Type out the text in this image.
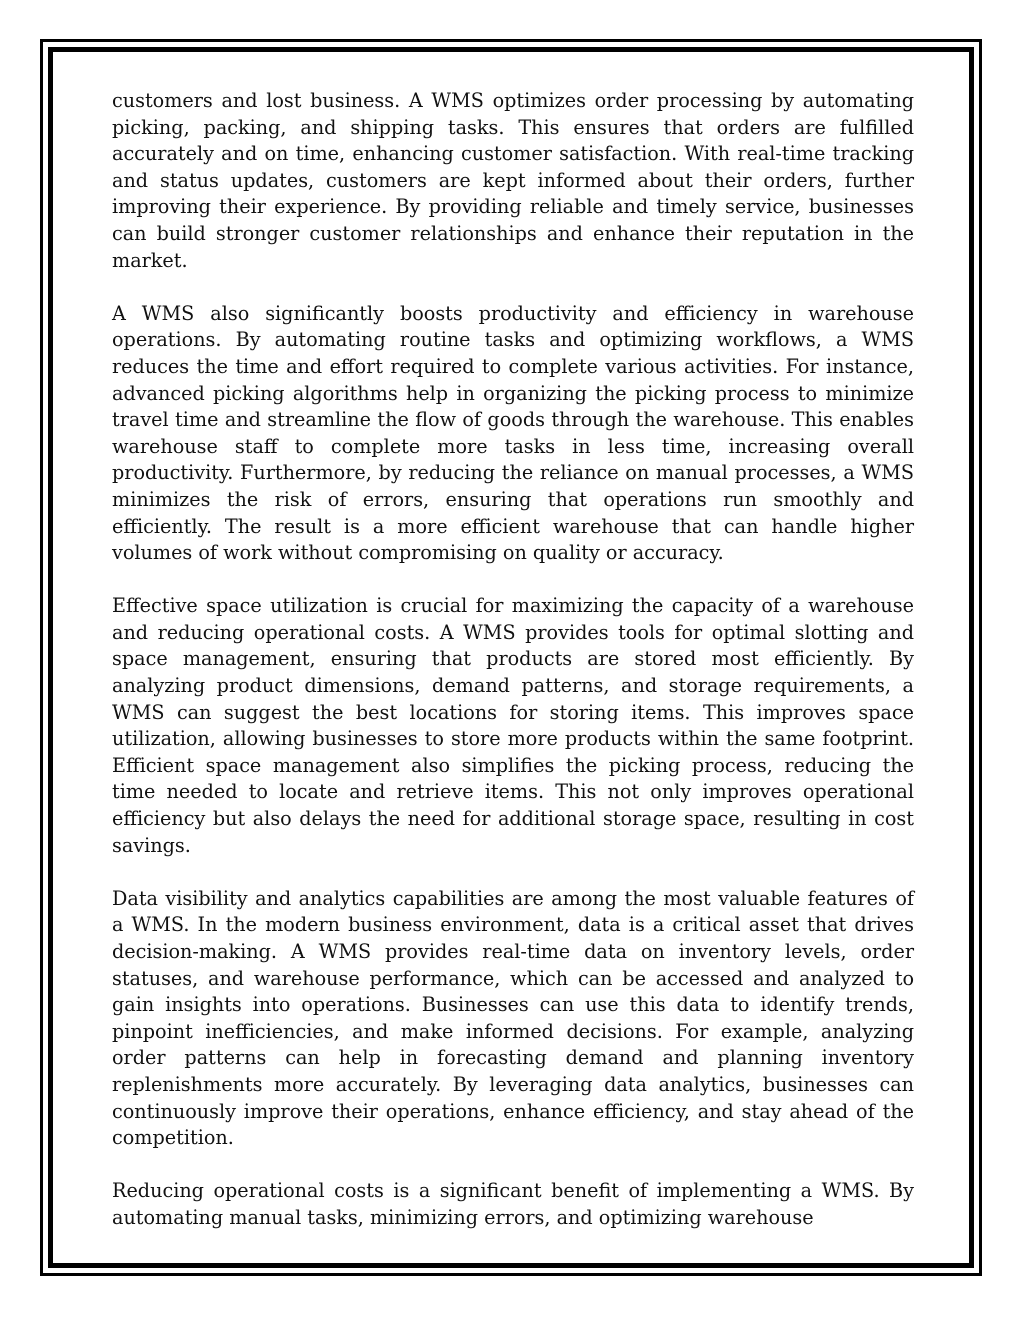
customers and lost business. A WMS optimizes order processing by automating picking, packing, and shipping tasks. This ensures that orders are fulfilled accurately and on time, enhancing customer satisfaction. With real-time tracking and status updates, customers are kept informed about their orders, further improving their experience. By providing reliable and timely service, businesses can build stronger customer relationships and enhance their reputation in the market.

A WMS also significantly boosts productivity and efficiency in warehouse operations. By automating routine tasks and optimizing workflows, a WMS reduces the time and effort required to complete various activities. For instance, advanced picking algorithms help in organizing the picking process to minimize travel time and streamline the flow of goods through the warehouse. This enables warehouse staff to complete more tasks in less time, increasing overall productivity. Furthermore, by reducing the reliance on manual processes, a WMS minimizes the risk of errors, ensuring that operations run smoothly and efficiently. The result is a more efficient warehouse that can handle higher volumes of work without compromising on quality or accuracy.

Effective space utilization is crucial for maximizing the capacity of a warehouse and reducing operational costs. A WMS provides tools for optimal slotting and space management, ensuring that products are stored most efficiently. By analyzing product dimensions, demand patterns, and storage requirements, a WMS can suggest the best locations for storing items. This improves space utilization, allowing businesses to store more products within the same footprint. Efficient space management also simplifies the picking process, reducing the time needed to locate and retrieve items. This not only improves operational efficiency but also delays the need for additional storage space, resulting in cost savings.

Data visibility and analytics capabilities are among the most valuable features of a WMS. In the modern business environment, data is a critical asset that drives decision-making. A WMS provides real-time data on inventory levels, order statuses, and warehouse performance, which can be accessed and analyzed to gain insights into operations. Businesses can use this data to identify trends, pinpoint inefficiencies, and make informed decisions. For example, analyzing order patterns can help in forecasting demand and planning inventory replenishments more accurately. By leveraging data analytics, businesses can continuously improve their operations, enhance efficiency, and stay ahead of the competition.

Reducing operational costs is a significant benefit of implementing a WMS. By automating manual tasks, minimizing errors, and optimizing warehouse
